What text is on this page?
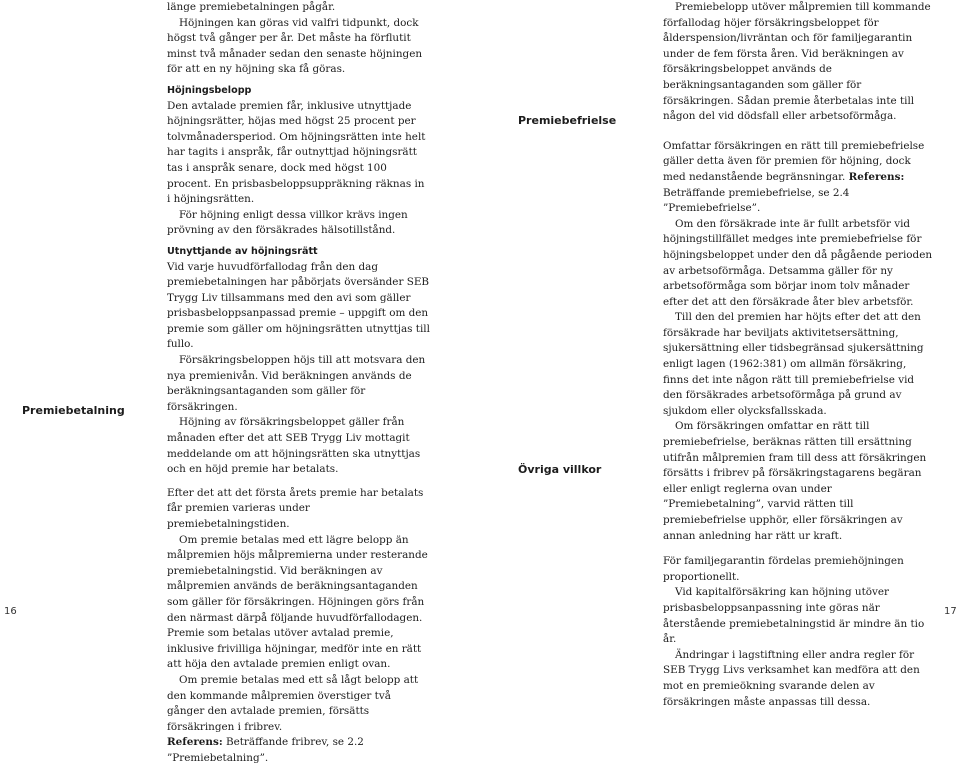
Premiebetalning

länge premiebetalningen pågår.

Höjningen kan göras vid valfri tidpunkt, dock högst två gånger per år. Det måste ha förflutit minst två månader sedan den senaste höjningen för att en ny höjning ska få göras.

Höjningsbelopp

Den avtalade premien får, inklusive utnyttjade höjningsrätter, höjas med högst 25 procent per tolvmånadersperiod. Om höjningsrätten inte helt har tagits i anspråk, får outnyttjad höjningsrätt tas i anspråk senare, dock med högst 100 procent. En prisbasbeloppsuppräkning räknas in i höjningsrätten.

För höjning enligt dessa villkor krävs ingen prövning av den försäkrades hälsotillstånd.

Utnyttjande av höjningsrätt

Vid varje huvudförfallodag från den dag premiebetalningen har påbörjats översänder SEB Trygg Liv tillsammans med den avi som gäller prisbasbeloppsanpassad premie – uppgift om den premie som gäller om höjningsrätten utnyttjas till fullo.

Försäkringsbeloppen höjs till att motsvara den nya premienivån. Vid beräkningen används de beräkningsantaganden som gäller för försäkringen.

Höjning av försäkringsbeloppet gäller från månaden efter det att SEB Trygg Liv mottagit meddelande om att höjningsrätten ska utnyttjas och en höjd premie har betalats.

Efter det att det första årets premie har betalats får premien varieras under premiebetalningstiden.

Om premie betalas med ett lägre belopp än målpremien höjs målpremierna under resterande premiebetalningstid. Vid beräkningen av målpremien används de beräkningsantaganden som gäller för försäkringen. Höjningen görs från den närmast därpå följande huvudförfallodagen. Premie som betalas utöver avtalad premie, inklusive frivilliga höjningar, medför inte en rätt att höja den avtalade premien enligt ovan.

Om premie betalas med ett så lågt belopp att den kommande målpremien överstiger två gånger den avtalade premien, försätts försäkringen i fribrev.

Referens: Beträffande fribrev, se 2.2 ”Premiebetalning”.

16
Premiebefrielse
Övriga villkor

Premiebelopp utöver målpremien till kommande förfallodag höjer försäkringsbeloppet för ålderspension/livräntan och för familjegarantin under de fem första åren. Vid beräkningen av försäkringsbeloppet används de beräkningsantaganden som gäller för försäkringen. Sådan premie återbetalas inte till någon del vid dödsfall eller arbetsoförmåga.

Omfattar försäkringen en rätt till premiebefrielse gäller detta även för premien för höjning, dock med nedanstående begränsningar. Referens: Beträffande premiebefrielse, se 2.4 ”Premiebefrielse”.

Om den försäkrade inte är fullt arbetsför vid höjningstillfället medges inte premiebefrielse för höjningsbeloppet under den då pågående perioden av arbetsoförmåga. Detsamma gäller för ny arbetsoförmåga som börjar inom tolv månader efter det att den försäkrade åter blev arbetsför.

Till den del premien har höjts efter det att den försäkrade har beviljats aktivitetsersättning, sjukersättning eller tidsbegränsad sjukersättning enligt lagen (1962:381) om allmän försäkring, finns det inte någon rätt till premiebefrielse vid den försäkrades arbetsoförmåga på grund av sjukdom eller olycksfallsskada.

Om försäkringen omfattar en rätt till premiebefrielse, beräknas rätten till ersättning utifrån målpremien fram till dess att försäkringen försätts i fribrev på försäkringstagarens begäran eller enligt reglerna ovan under ”Premiebetalning”, varvid rätten till premiebefrielse upphör, eller försäkringen av annan anledning har rätt ur kraft.

För familjegarantin fördelas premiehöjningen proportionellt.

Vid kapitalförsäkring kan höjning utöver prisbasbeloppsanpassning inte göras när återstående premiebetalningstid är mindre än tio år.

Ändringar i lagstiftning eller andra regler för SEB Trygg Livs verksamhet kan medföra att den mot en premieökning svarande delen av försäkringen måste anpassas till dessa.

17
